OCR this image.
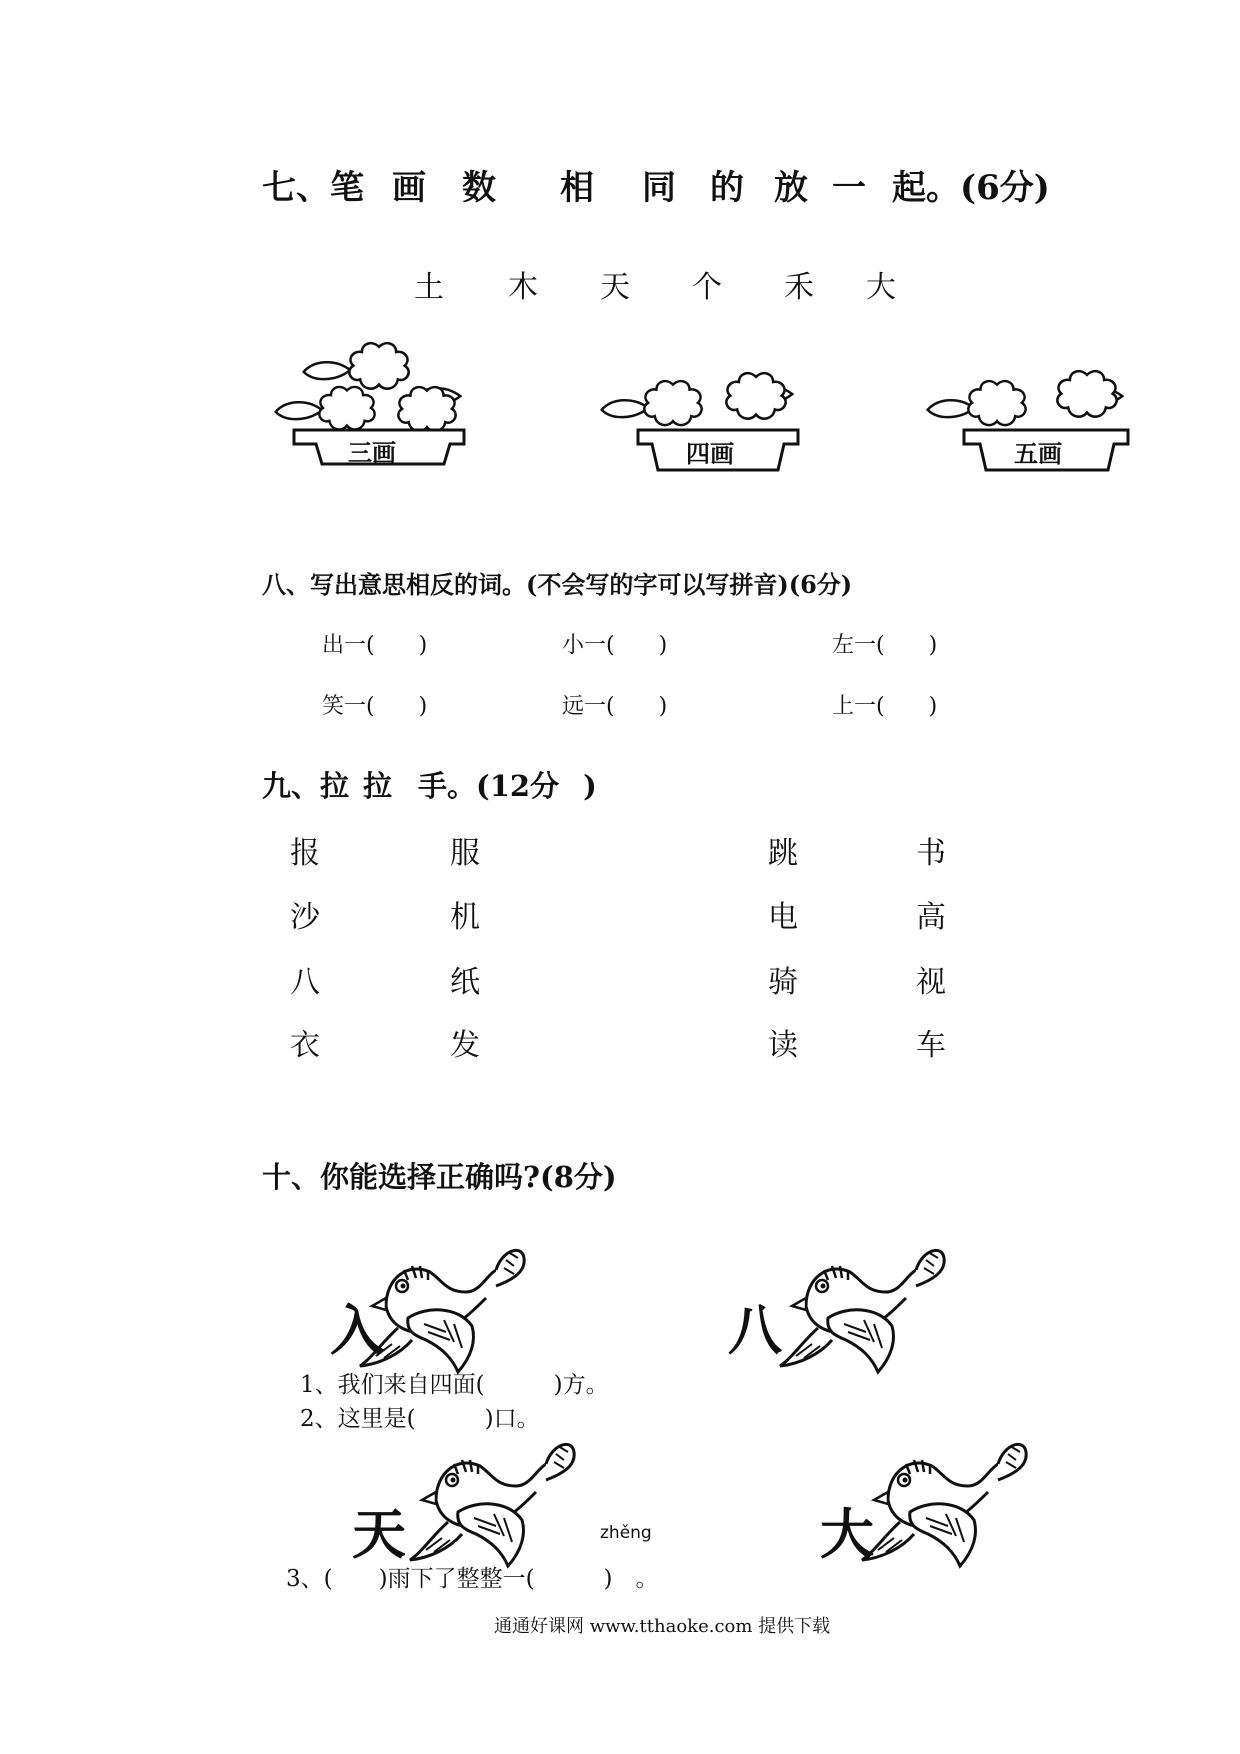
七、笔 画 数 相 同 的 放 一 起。(6分)
土 木 天 个 禾 大
三画	四画	五画
八、写出意思相反的词。(不会写的字可以写拼音)(6分)
出一(　　)	小一(　　)	左一(　　)
笑一(　　)	远一(　　)	上一(　　)
九、拉 拉 手。(12分 )
报	服	跳	书
沙	机	电	高
八	纸	骑	视
衣	发	读	车
十、你能选择正确吗?(8分)
入	八
1、我们来自四面(　　　)方。
2、这里是(　　　)口。
天	大
zhěng
3、(　　)雨下了整整一(　　　)　。
通通好课网 www.tthaoke.com 提供下载
